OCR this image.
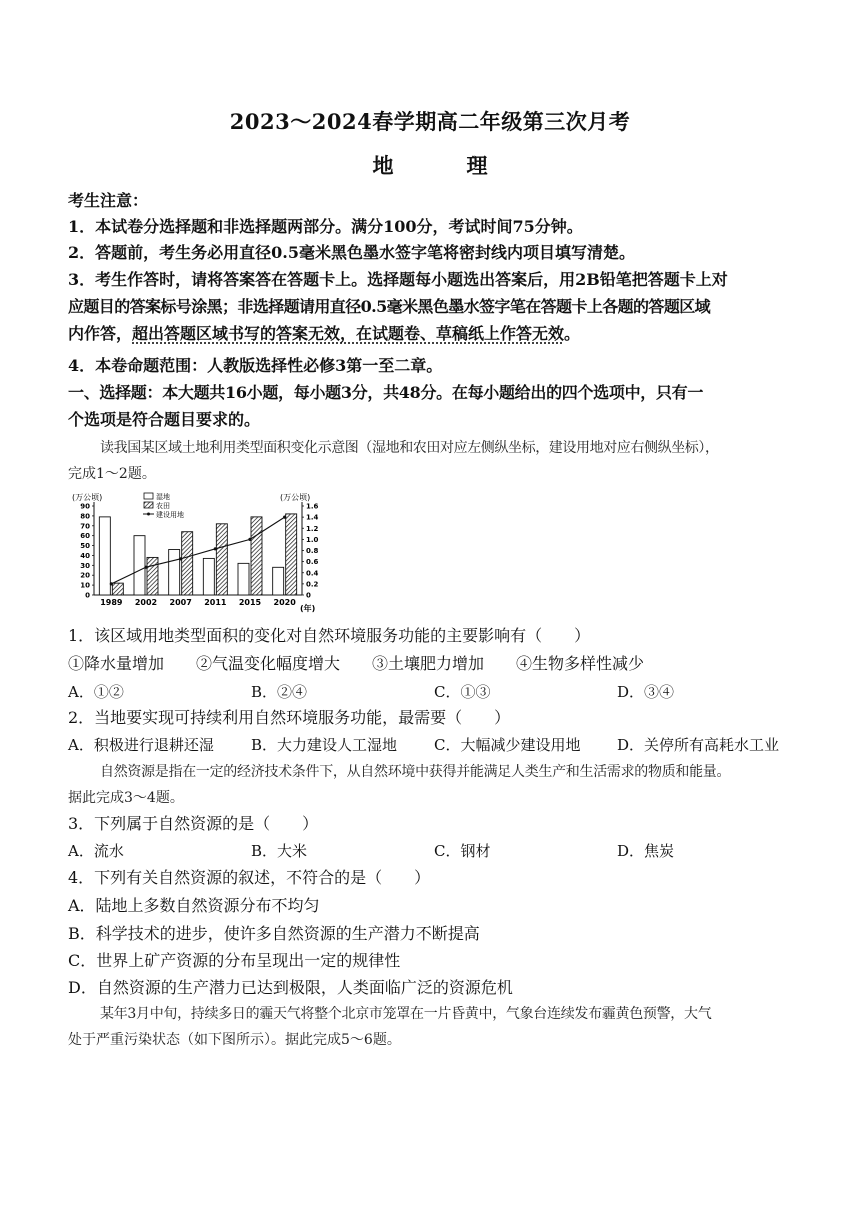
2023～2024春学期高二年级第三次月考
地　理
考生注意：
1．本试卷分选择题和非选择题两部分。满分100分，考试时间75分钟。
2．答题前，考生务必用直径0.5毫米黑色墨水签字笔将密封线内项目填写清楚。
3．考生作答时，请将答案答在答题卡上。选择题每小题选出答案后，用2B铅笔把答题卡上对
应题目的答案标号涂黑；非选择题请用直径0.5毫米黑色墨水签字笔在答题卡上各题的答题区域
内作答，超出答题区域书写的答案无效，在试题卷、草稿纸上作答无效。
4．本卷命题范围：人教版选择性必修3第一至二章。
一、选择题：本大题共16小题，每小题3分，共48分。在每小题给出的四个选项中，只有一
个选项是符合题目要求的。
读我国某区域土地利用类型面积变化示意图（湿地和农田对应左侧纵坐标，建设用地对应右侧纵坐标），
完成1～2题。
(万公顷)	(万公顷)
0
10
20
30
40
50
60
70
80
90
0
0.2
0.4
0.6
0.8
1.0
1.2
1.4
1.6
湿地
农田
建设用地
1989 2002 2007 2011 2015 2020
(年)
1．该区域用地类型面积的变化对自然环境服务功能的主要影响有（　　）
①降水量增加　　②气温变化幅度增大　　③土壤肥力增加　　④生物多样性减少
A．①②	B．②④	C．①③	D．③④
2．当地要实现可持续利用自然环境服务功能，最需要（　　）
A．积极进行退耕还湿 B．大力建设人工湿地 C．大幅减少建设用地 D．关停所有高耗水工业
自然资源是指在一定的经济技术条件下，从自然环境中获得并能满足人类生产和生活需求的物质和能量。
据此完成3～4题。
3．下列属于自然资源的是（　　）
A．流水	B．大米	C．钢材	D．焦炭
4．下列有关自然资源的叙述，不符合的是（　　）
A．陆地上多数自然资源分布不均匀
B．科学技术的进步，使许多自然资源的生产潜力不断提高
C．世界上矿产资源的分布呈现出一定的规律性
D．自然资源的生产潜力已达到极限，人类面临广泛的资源危机
某年3月中旬，持续多日的霾天气将整个北京市笼罩在一片昏黄中，气象台连续发布霾黄色预警，大气
处于严重污染状态（如下图所示）。据此完成5～6题。
